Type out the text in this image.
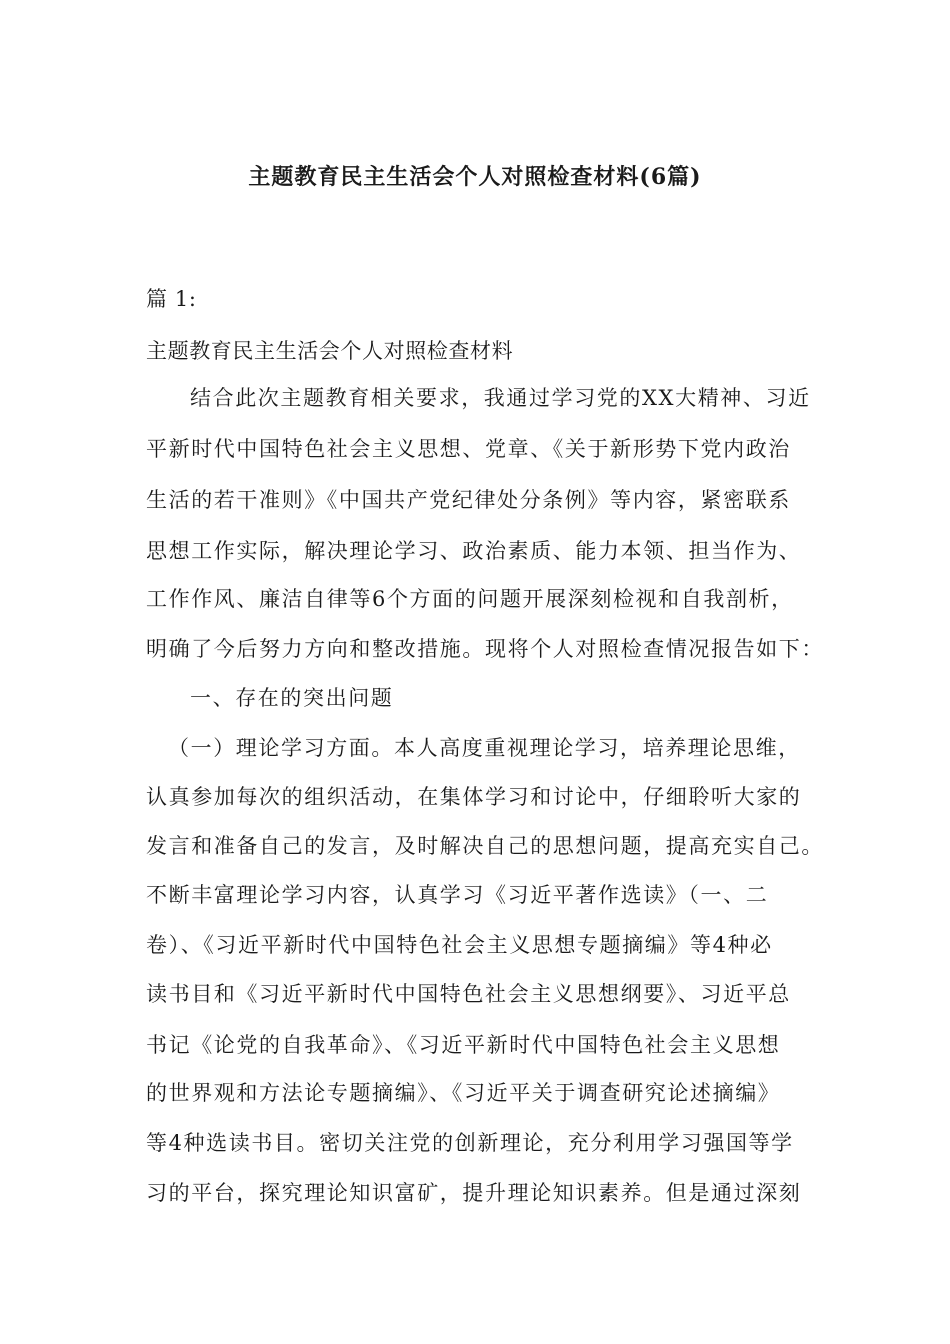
主题教育民主生活会个人对照检查材料(6篇)
篇 1:
主题教育民主生活会个人对照检查材料
结合此次主题教育相关要求，我通过学习党的XX大精神、习近
平新时代中国特色社会主义思想、党章、《关于新形势下党内政治
生活的若干准则》《中国共产党纪律处分条例》等内容，紧密联系
思想工作实际，解决理论学习、政治素质、能力本领、担当作为、
工作作风、廉洁自律等6个方面的问题开展深刻检视和自我剖析，
明确了今后努力方向和整改措施。现将个人对照检查情况报告如下：
一、存在的突出问题
（一）理论学习方面。本人高度重视理论学习，培养理论思维，
认真参加每次的组织活动，在集体学习和讨论中，仔细聆听大家的
发言和准备自己的发言，及时解决自己的思想问题，提高充实自己。
不断丰富理论学习内容，认真学习《习近平著作选读》（一、二
卷）、《习近平新时代中国特色社会主义思想专题摘编》等4种必
读书目和《习近平新时代中国特色社会主义思想纲要》、习近平总
书记《论党的自我革命》、《习近平新时代中国特色社会主义思想
的世界观和方法论专题摘编》、《习近平关于调查研究论述摘编》
等4种选读书目。密切关注党的创新理论，充分利用学习强国等学
习的平台，探究理论知识富矿，提升理论知识素养。但是通过深刻
